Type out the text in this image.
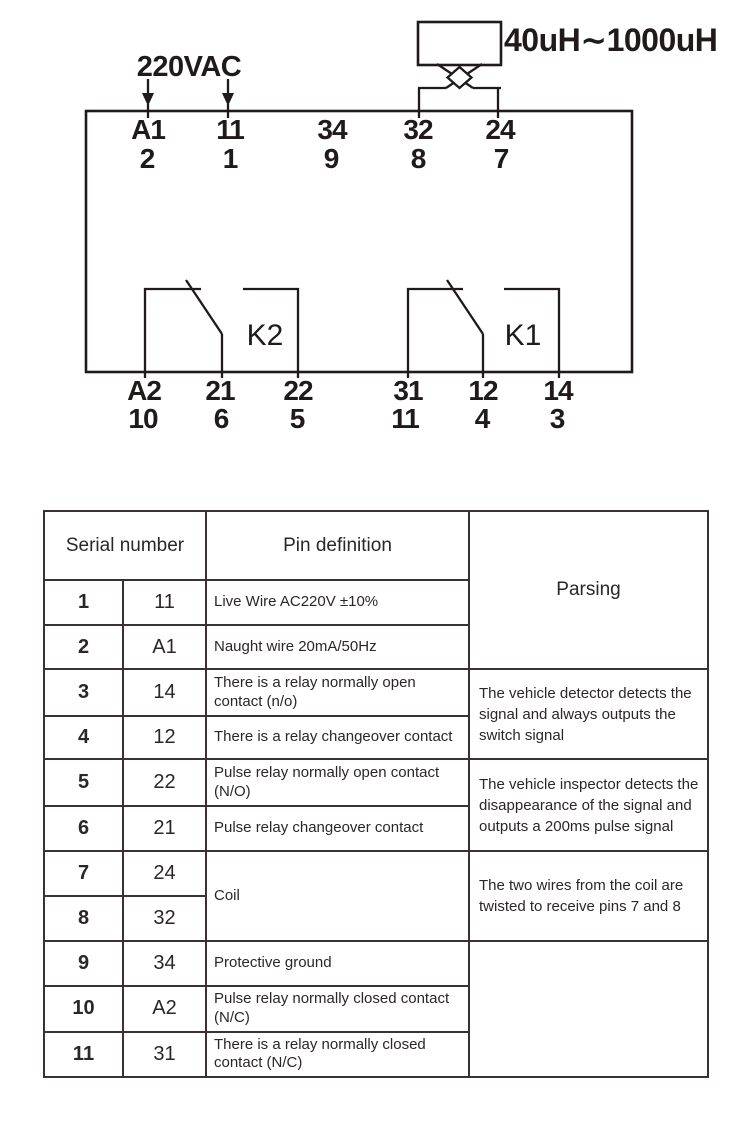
220VAC
40uH∼1000uH
A1 11	34 32 24
2 1	9	8 7
K2	K1
A2 21 22	31 12 14
10 6 5	11 4 3
Serial number		Pin definition	Parsing
1	11	Live Wire AC220V ±10%	
2	A1	Naught wire 20mA/50Hz	
3	14	There is a relay normally open contact (n/o)	The vehicle detector detects the signal and always outputs the switch signal
4	12	There is a relay changeover contact	
5	22	Pulse relay normally open contact (N/O)	The vehicle inspector detects the disappearance of the signal and outputs a 200ms pulse signal
6	21	Pulse relay changeover contact	
7	24	Coil	The two wires from the coil are twisted to receive pins 7 and 8
8	32		
9	34	Protective ground	
10	A2	Pulse relay normally closed contact (N/C)	
11	31	There is a relay normally closed contact (N/C)	
